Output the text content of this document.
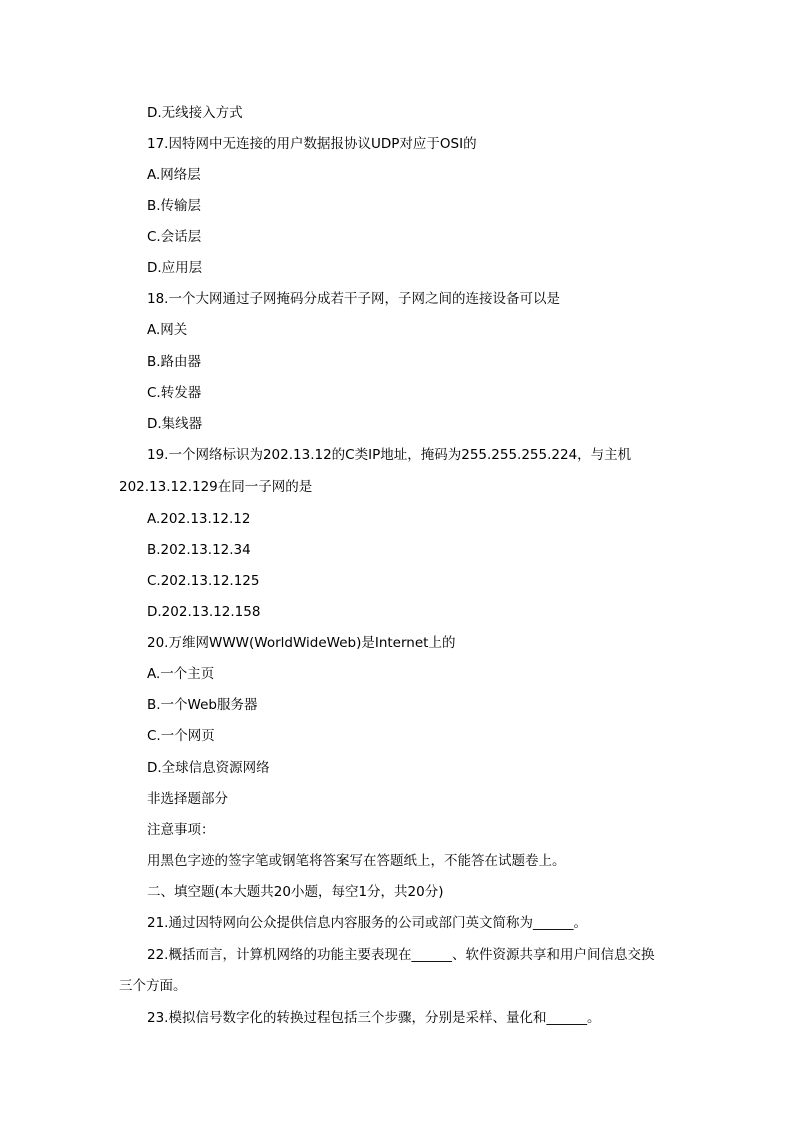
D.无线接入方式
17.因特网中无连接的用户数据报协议UDP对应于OSI的
A.网络层
B.传输层
C.会话层
D.应用层
18.一个大网通过子网掩码分成若干子网，子网之间的连接设备可以是
A.网关
B.路由器
C.转发器
D.集线器
19.一个网络标识为202.13.12的C类IP地址，掩码为255.255.255.224，与主机
202.13.12.129在同一子网的是
A.202.13.12.12
B.202.13.12.34
C.202.13.12.125
D.202.13.12.158
20.万维网WWW(WorldWideWeb)是Internet上的
A.一个主页
B.一个Web服务器
C.一个网页
D.全球信息资源网络
非选择题部分
注意事项：
用黑色字迹的签字笔或钢笔将答案写在答题纸上，不能答在试题卷上。
二、填空题(本大题共20小题，每空1分，共20分)
21.通过因特网向公众提供信息内容服务的公司或部门英文简称为______。
22.概括而言，计算机网络的功能主要表现在______、软件资源共享和用户间信息交换
三个方面。
23.模拟信号数字化的转换过程包括三个步骤，分别是采样、量化和______。
